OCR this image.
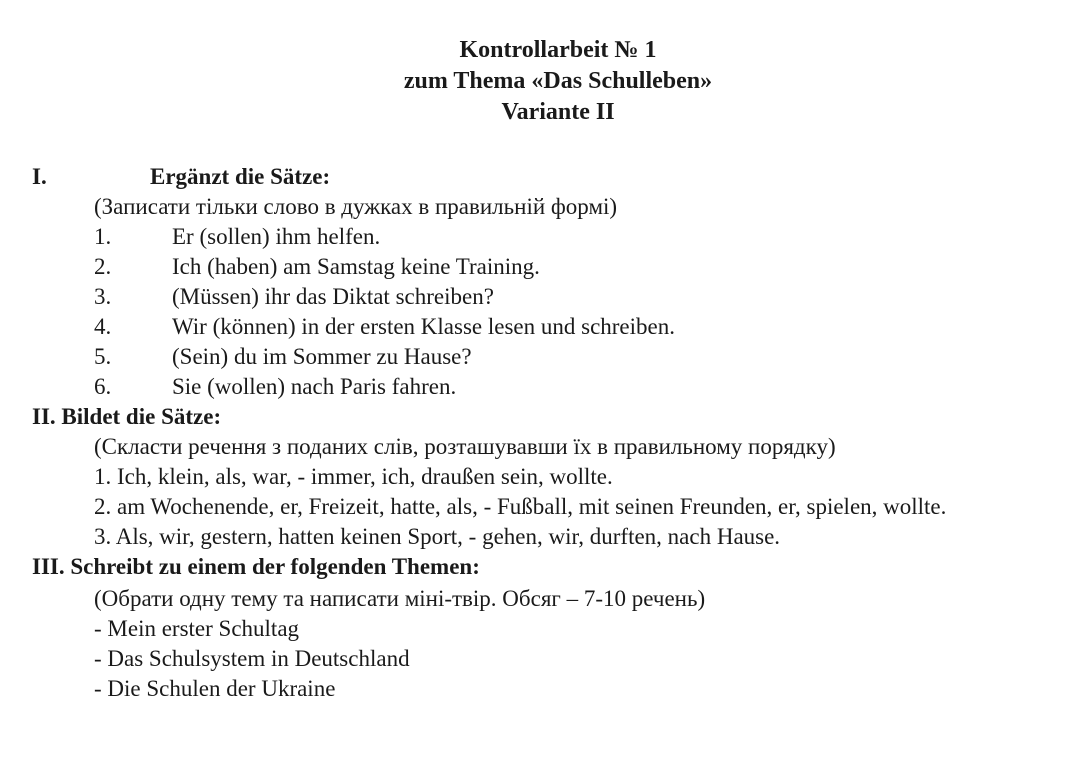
Kontrollarbeit № 1
zum Thema «Das Schulleben»
Variante II
I.	Ergänzt die Sätze:
(Записати тільки слово в дужках в правильній формі)
1.	Er (sollen) ihm helfen.
2.	Ich (haben) am Samstag keine Training.
3.	(Müssen) ihr das Diktat schreiben?
4.	Wir (können) in der ersten Klasse lesen und schreiben.
5.	(Sein) du im Sommer zu Hause?
6.	Sie (wollen) nach Paris fahren.
II. Bildet die Sätze:
(Скласти речення з поданих слів, розташувавши їх в правильному порядку)
1. Ich, klein, als, war, - immer, ich, draußen sein, wollte.
2. am Wochenende, er, Freizeit, hatte, als, - Fußball, mit seinen Freunden, er, spielen, wollte.
3. Als, wir, gestern, hatten keinen Sport, - gehen, wir, durften, nach Hause.
III. Schreibt zu einem der folgenden Themen:
(Обрати одну тему та написати міні-твір. Обсяг – 7-10 речень)
- Mein erster Schultag
- Das Schulsystem in Deutschland
- Die Schulen der Ukraine
